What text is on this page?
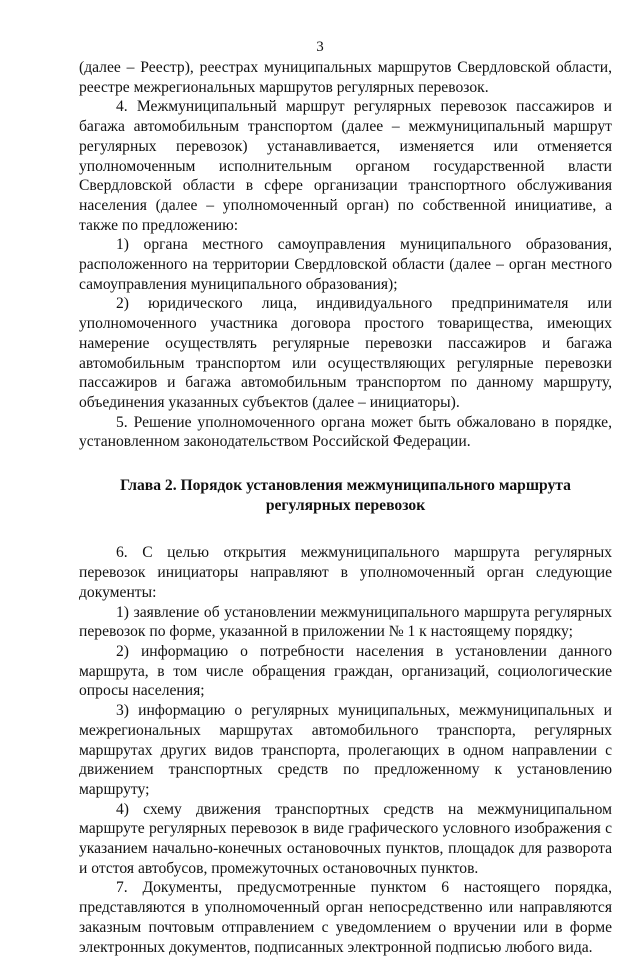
3

(далее – Реестр), реестрах муниципальных маршрутов Свердловской области, реестре межрегиональных маршрутов регулярных перевозок.

4. Межмуниципальный маршрут регулярных перевозок пассажиров и багажа автомобильным транспортом (далее – межмуниципальный маршрут регулярных перевозок) устанавливается, изменяется или отменяется уполномоченным исполнительным органом государственной власти Свердловской области в сфере организации транспортного обслуживания населения (далее – уполномоченный орган) по собственной инициативе, а также по предложению:

1) органа местного самоуправления муниципального образования, расположенного на территории Свердловской области (далее – орган местного самоуправления муниципального образования);

2) юридического лица, индивидуального предпринимателя или уполномоченного участника договора простого товарищества, имеющих намерение осуществлять регулярные перевозки пассажиров и багажа автомобильным транспортом или осуществляющих регулярные перевозки пассажиров и багажа автомобильным транспортом по данному маршруту, объединения указанных субъектов (далее – инициаторы).

5. Решение уполномоченного органа может быть обжаловано в порядке, установленном законодательством Российской Федерации.

Глава 2. Порядок установления межмуниципального маршрута регулярных перевозок

6. С целью открытия межмуниципального маршрута регулярных перевозок инициаторы направляют в уполномоченный орган следующие документы:

1) заявление об установлении межмуниципального маршрута регулярных перевозок по форме, указанной в приложении № 1 к настоящему порядку;

2) информацию о потребности населения в установлении данного маршрута, в том числе обращения граждан, организаций, социологические опросы населения;

3) информацию о регулярных муниципальных, межмуниципальных и межрегиональных маршрутах автомобильного транспорта, регулярных маршрутах других видов транспорта, пролегающих в одном направлении с движением транспортных средств по предложенному к установлению маршруту;

4) схему движения транспортных средств на межмуниципальном маршруте регулярных перевозок в виде графического условного изображения с указанием начально-конечных остановочных пунктов, площадок для разворота и отстоя автобусов, промежуточных остановочных пунктов.

7. Документы, предусмотренные пунктом 6 настоящего порядка, представляются в уполномоченный орган непосредственно или направляются заказным почтовым отправлением с уведомлением о вручении или в форме электронных документов, подписанных электронной подписью любого вида.
